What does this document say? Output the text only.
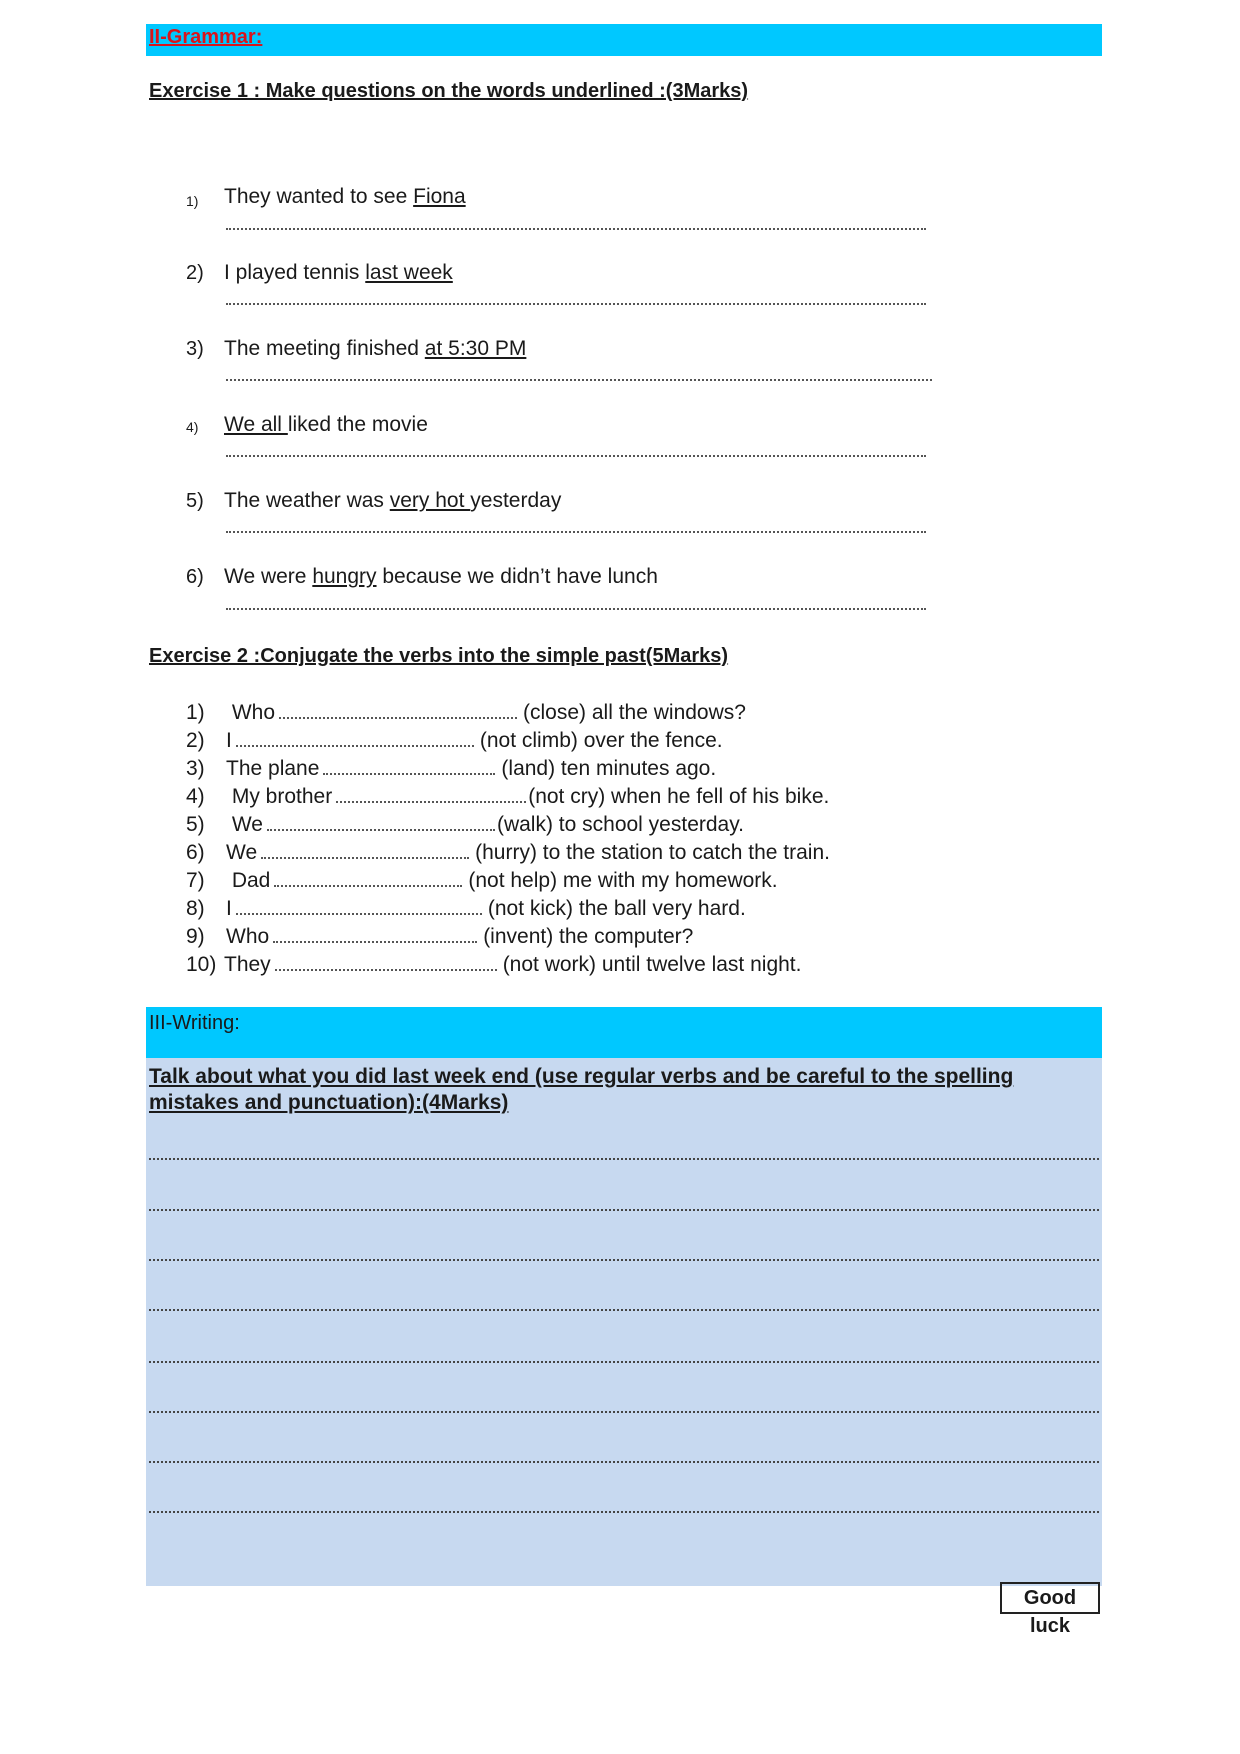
II-Grammar:
Exercise 1 : Make questions on the words underlined :(3Marks)
1) They wanted to see Fiona
2) I played tennis last week
3) The meeting finished at 5:30 PM
4) We all liked the movie
5) The weather was very hot yesterday
6) We were hungry because we didn’t have lunch
Exercise 2 :Conjugate the verbs into the simple past(5Marks)
1) Who	(close) all the windows?
2) I	(not climb) over the fence.
3) The plane	(land) ten minutes ago.
4) My brother	(not cry) when he fell of his bike.
5) We	(walk) to school yesterday.
6) We	(hurry) to the station to catch the train.
7) Dad	(not help) me with my homework.
8) I	(not kick) the ball very hard.
9) Who	(invent) the computer?
10) They	(not work) until twelve last night.
III-Writing:
Talk about what you did last week end (use regular verbs and be careful to the spelling mistakes and punctuation):(4Marks)
Good luck
